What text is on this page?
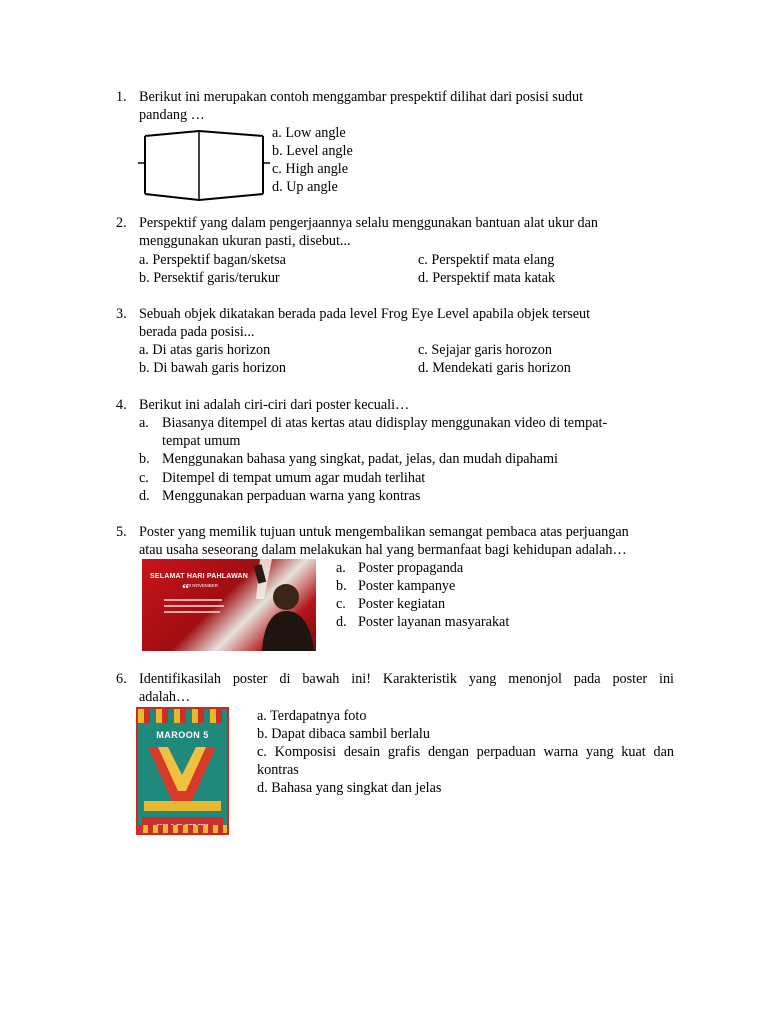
1. Berikut ini merupakan contoh menggambar prespektif dilihat dari posisi sudut
pandang …
a. Low angle
b. Level angle
c. High angle
d. Up angle
2. Perspektif yang dalam pengerjaannya selalu menggunakan bantuan alat ukur dan
menggunakan ukuran pasti, disebut...
a. Perspektif bagan/sketsa
b. Persektif garis/terukur
c. Perspektif mata elang
d. Perspektif mata katak
3. Sebuah objek dikatakan berada pada level Frog Eye Level apabila objek terseut
berada pada posisi...
a. Di atas garis horizon
b. Di bawah garis horizon
c. Sejajar garis horozon
d. Mendekati garis horizon
4. Berikut ini adalah ciri-ciri dari poster kecuali…
a. Biasanya ditempel di atas kertas atau didisplay menggunakan video di tempat-
tempat umum
b. Menggunakan bahasa yang singkat, padat, jelas, dan mudah dipahami
c. Ditempel di tempat umum agar mudah terlihat
d. Menggunakan perpaduan warna yang kontras
5. Poster yang memilik tujuan untuk mengembalikan semangat pembaca atas perjuangan
atau usaha seseorang dalam melakukan hal yang bermanfaat bagi kehidupan adalah…
SELAMAT HARI PAHLAWAN
10 NOVEMBER
“
a. Poster propaganda
b. Poster kampanye
c. Poster kegiatan
d. Poster layanan masyarakat
6. Identifikasilah poster di bawah ini! Karakteristik yang menonjol pada poster ini
adalah…
MAROON 5
a. Terdapatnya foto
b. Dapat dibaca sambil berlalu
c. Komposisi desain grafis dengan perpaduan warna yang kuat dan
kontras
d. Bahasa yang singkat dan jelas
